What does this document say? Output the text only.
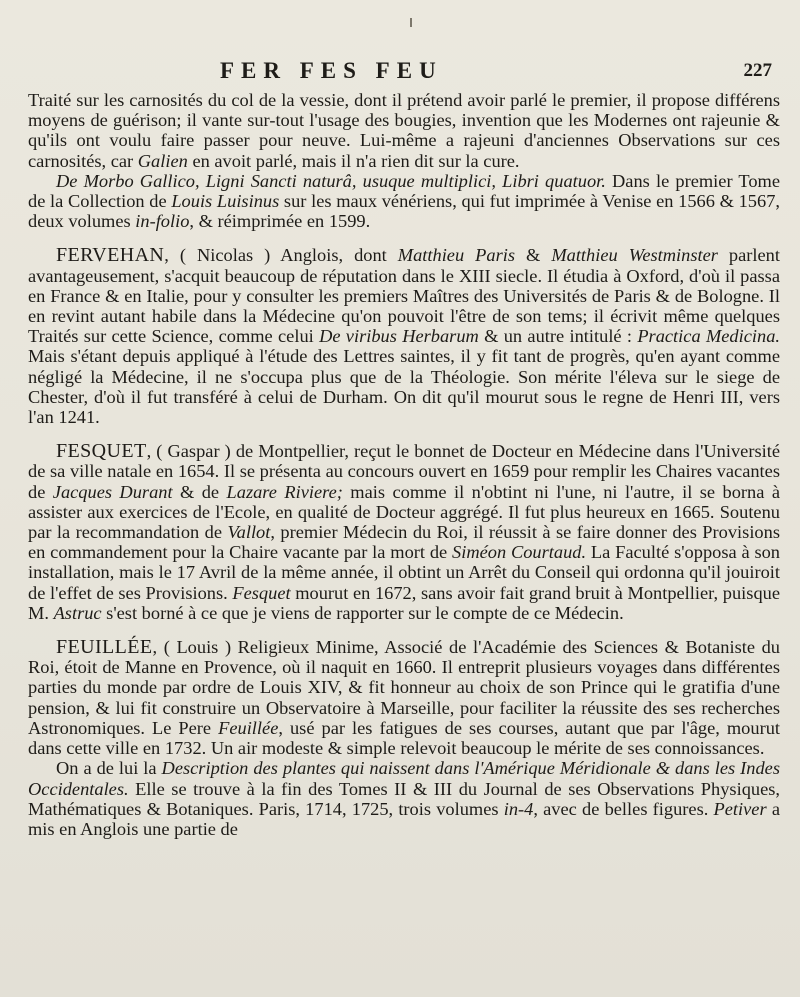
FER FES FEU	227

Traité sur les carnosités du col de la vessie, dont il prétend avoir parlé le premier, il propose différens moyens de guérison; il vante sur-tout l'usage des bougies, invention que les Modernes ont rajeunie & qu'ils ont voulu faire passer pour neuve. Lui-même a rajeuni d'anciennes Observations sur ces carnosités, car Galien en avoit parlé, mais il n'a rien dit sur la cure.

De Morbo Gallico, Ligni Sancti naturâ, usuque multiplici, Libri quatuor. Dans le premier Tome de la Collection de Louis Luisinus sur les maux vénériens, qui fut imprimée à Venise en 1566 & 1567, deux volumes in-folio, & réimprimée en 1599.

FERVEHAN, ( Nicolas ) Anglois, dont Matthieu Paris & Matthieu Westminster parlent avantageusement, s'acquit beaucoup de réputation dans le XIII siecle. Il étudia à Oxford, d'où il passa en France & en Italie, pour y consulter les premiers Maîtres des Universités de Paris & de Bologne. Il en revint autant habile dans la Médecine qu'on pouvoit l'être de son tems; il écrivit même quelques Traités sur cette Science, comme celui De viribus Herbarum & un autre intitulé : Practica Medicina. Mais s'étant depuis appliqué à l'étude des Lettres saintes, il y fit tant de progrès, qu'en ayant comme négligé la Médecine, il ne s'occupa plus que de la Théologie. Son mérite l'éleva sur le siege de Chester, d'où il fut transféré à celui de Durham. On dit qu'il mourut sous le regne de Henri III, vers l'an 1241.

FESQUET, ( Gaspar ) de Montpellier, reçut le bonnet de Docteur en Médecine dans l'Université de sa ville natale en 1654. Il se présenta au concours ouvert en 1659 pour remplir les Chaires vacantes de Jacques Durant & de Lazare Riviere; mais comme il n'obtint ni l'une, ni l'autre, il se borna à assister aux exercices de l'Ecole, en qualité de Docteur aggrégé. Il fut plus heureux en 1665. Soutenu par la recommandation de Vallot, premier Médecin du Roi, il réussit à se faire donner des Provisions en commandement pour la Chaire vacante par la mort de Siméon Courtaud. La Faculté s'opposa à son installation, mais le 17 Avril de la même année, il obtint un Arrêt du Conseil qui ordonna qu'il jouiroit de l'effet de ses Provisions. Fesquet mourut en 1672, sans avoir fait grand bruit à Montpellier, puisque M. Astruc s'est borné à ce que je viens de rapporter sur le compte de ce Médecin.

FEUILLÉE, ( Louis ) Religieux Minime, Associé de l'Académie des Sciences & Botaniste du Roi, étoit de Manne en Provence, où il naquit en 1660. Il entreprit plusieurs voyages dans différentes parties du monde par ordre de Louis XIV, & fit honneur au choix de son Prince qui le gratifia d'une pension, & lui fit construire un Observatoire à Marseille, pour faciliter la réussite des ses recherches Astronomiques. Le Pere Feuillée, usé par les fatigues de ses courses, autant que par l'âge, mourut dans cette ville en 1732. Un air modeste & simple relevoit beaucoup le mérite de ses connoissances.

On a de lui la Description des plantes qui naissent dans l'Amérique Méridionale & dans les Indes Occidentales. Elle se trouve à la fin des Tomes II & III du Journal de ses Observations Physiques, Mathématiques & Botaniques. Paris, 1714, 1725, trois volumes in-4, avec de belles figures. Petiver a mis en Anglois une partie de
